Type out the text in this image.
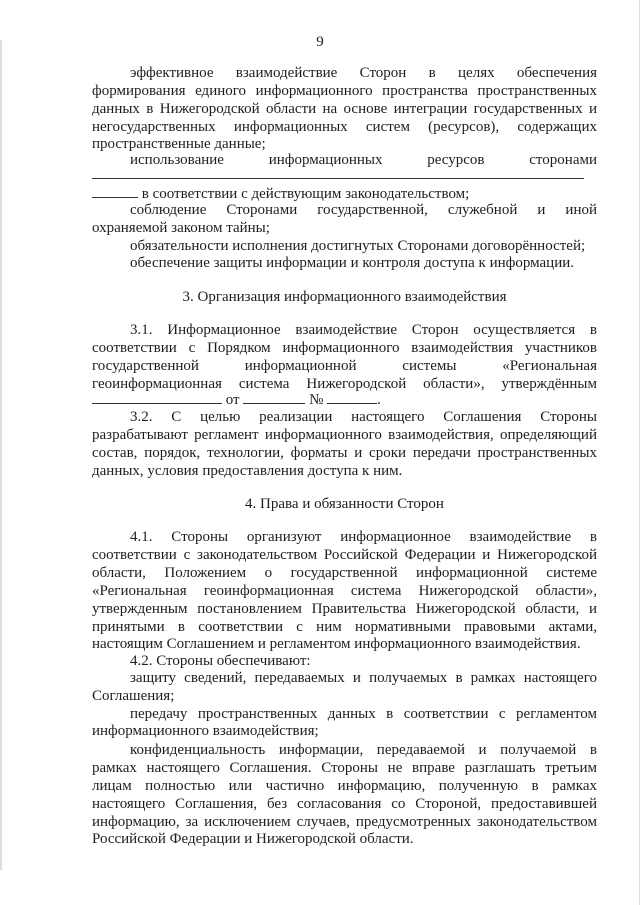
9
эффективное взаимодействие Сторон в целях обеспечения
формирования единого информационного пространства пространственных
данных в Нижегородской области на основе интеграции государственных и
негосударственных информационных систем (ресурсов), содержащих
пространственные данные;
использование информационных ресурсов сторонами
в соответствии с действующим законодательством;
соблюдение Сторонами государственной, служебной и иной
охраняемой законом тайны;
обязательности исполнения достигнутых Сторонами договорённостей;
обеспечение защиты информации и контроля доступа к информации.
3. Организация информационного взаимодействия
3.1. Информационное взаимодействие Сторон осуществляется в
соответствии с Порядком информационного взаимодействия участников
государственной информационной системы «Региональная
геоинформационная система Нижегородской области», утверждённым
от	№	.
3.2. С целью реализации настоящего Соглашения Стороны
разрабатывают регламент информационного взаимодействия, определяющий
состав, порядок, технологии, форматы и сроки передачи пространственных
данных, условия предоставления доступа к ним.
4. Права и обязанности Сторон
4.1. Стороны организуют информационное взаимодействие в
соответствии с законодательством Российской Федерации и Нижегородской
области, Положением о государственной информационной системе
«Региональная геоинформационная система Нижегородской области»,
утвержденным постановлением Правительства Нижегородской области, и
принятыми в соответствии с ним нормативными правовыми актами,
настоящим Соглашением и регламентом информационного взаимодействия.
4.2. Стороны обеспечивают:
защиту сведений, передаваемых и получаемых в рамках настоящего
Соглашения;
передачу пространственных данных в соответствии с регламентом
информационного взаимодействия;
конфиденциальность информации, передаваемой и получаемой в
рамках настоящего Соглашения. Стороны не вправе разглашать третьим
лицам полностью или частично информацию, полученную в рамках
настоящего Соглашения, без согласования со Стороной, предоставившей
информацию, за исключением случаев, предусмотренных законодательством
Российской Федерации и Нижегородской области.
